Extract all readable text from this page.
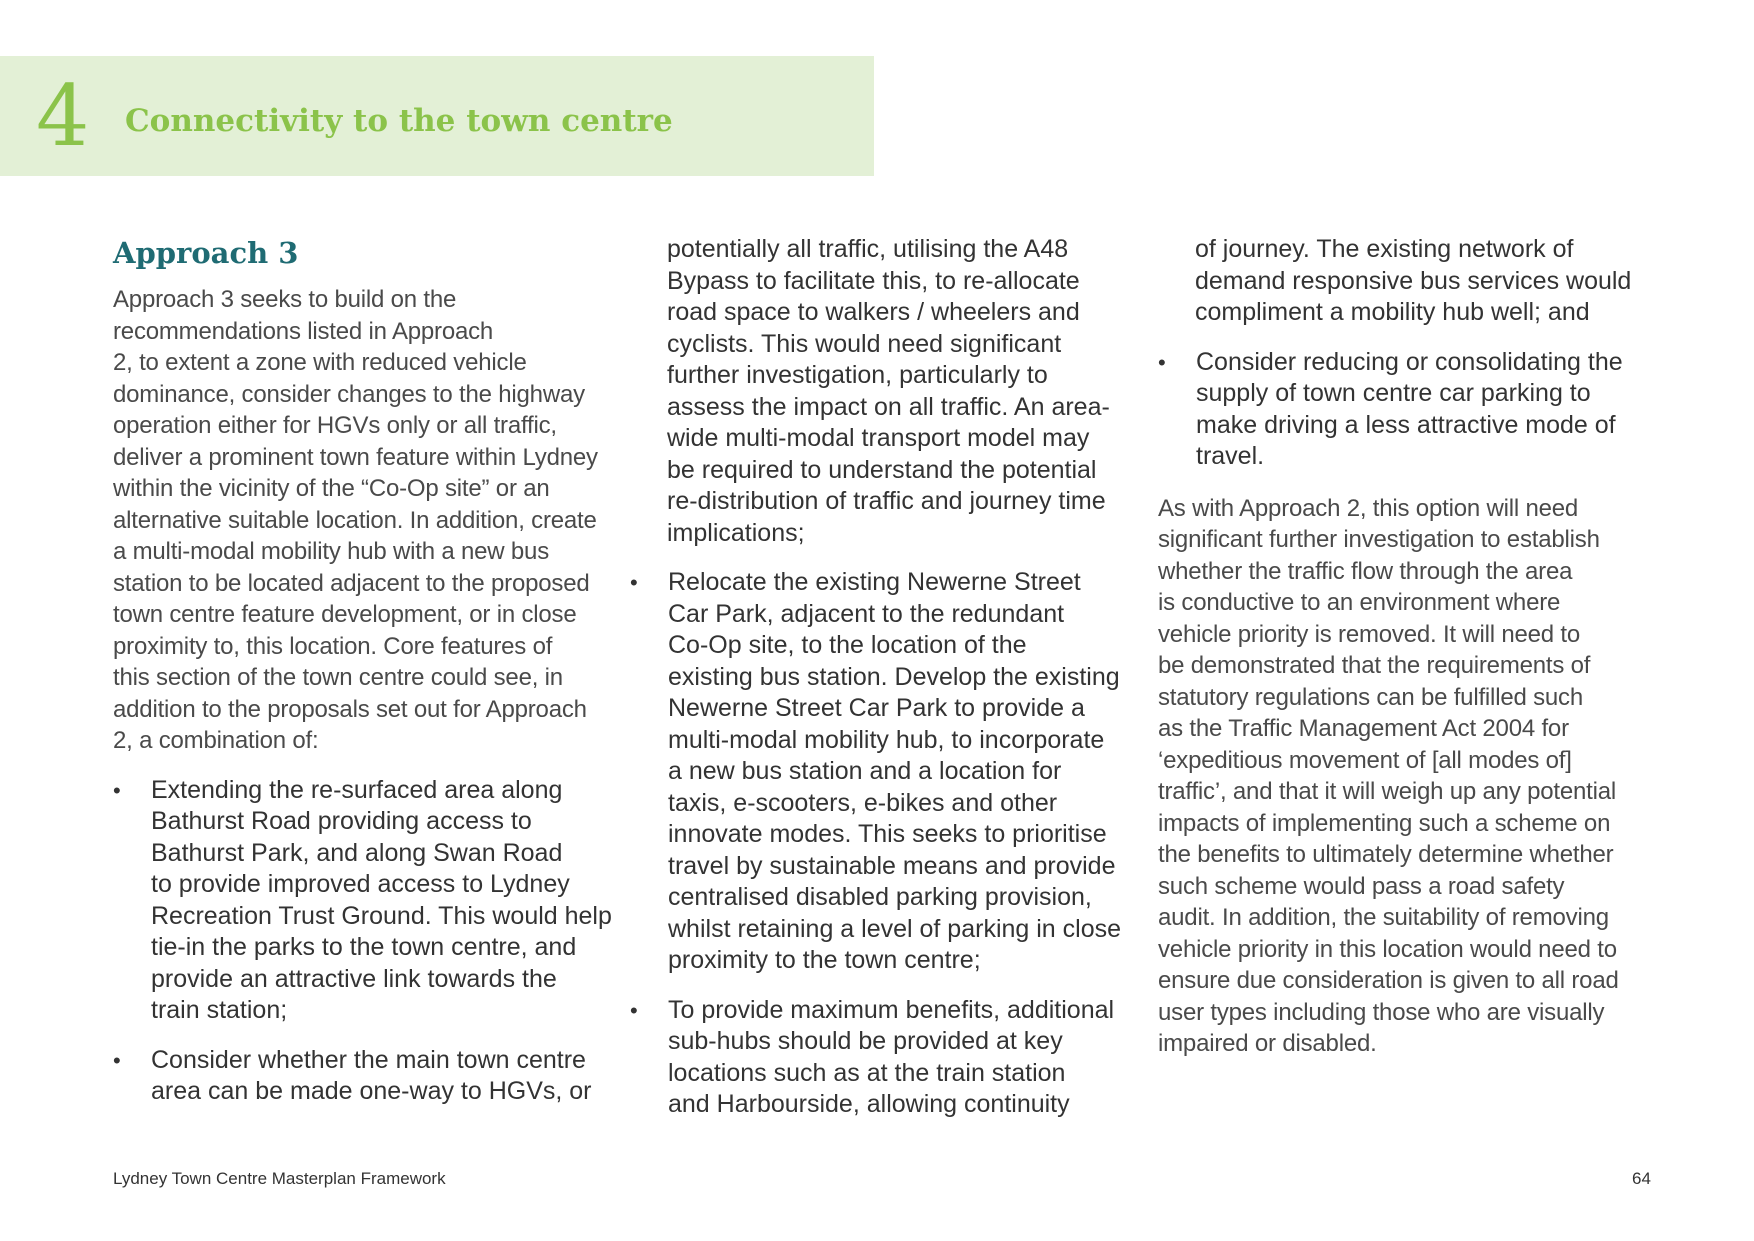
4 Connectivity to the town centre
Approach 3

Approach 3 seeks to build on the
recommendations listed in Approach
2, to extent a zone with reduced vehicle
dominance, consider changes to the highway
operation either for HGVs only or all traffic,
deliver a prominent town feature within Lydney
within the vicinity of the “Co-Op site” or an
alternative suitable location. In addition, create
a multi-modal mobility hub with a new bus
station to be located adjacent to the proposed
town centre feature development, or in close
proximity to, this location. Core features of
this section of the town centre could see, in
addition to the proposals set out for Approach
2, a combination of:

•	Extending the re-surfaced area along
Bathurst Road providing access to
Bathurst Park, and along Swan Road
to provide improved access to Lydney
Recreation Trust Ground. This would help
tie-in the parks to the town centre, and
provide an attractive link towards the
train station;
•	Consider whether the main town centre
area can be made one-way to HGVs, or
potentially all traffic, utilising the A48
Bypass to facilitate this, to re-allocate
road space to walkers / wheelers and
cyclists. This would need significant
further investigation, particularly to
assess the impact on all traffic. An area-
wide multi-modal transport model may
be required to understand the potential
re-distribution of traffic and journey time
implications;
•	Relocate the existing Newerne Street
Car Park, adjacent to the redundant
Co-Op site, to the location of the
existing bus station. Develop the existing
Newerne Street Car Park to provide a
multi-modal mobility hub, to incorporate
a new bus station and a location for
taxis, e-scooters, e-bikes and other
innovate modes. This seeks to prioritise
travel by sustainable means and provide
centralised disabled parking provision,
whilst retaining a level of parking in close
proximity to the town centre;
•	To provide maximum benefits, additional
sub-hubs should be provided at key
locations such as at the train station
and Harbourside, allowing continuity
of journey. The existing network of
demand responsive bus services would
compliment a mobility hub well; and
•	Consider reducing or consolidating the
supply of town centre car parking to
make driving a less attractive mode of
travel.

As with Approach 2, this option will need
significant further investigation to establish
whether the traffic flow through the area
is conductive to an environment where
vehicle priority is removed. It will need to
be demonstrated that the requirements of
statutory regulations can be fulfilled such
as the Traffic Management Act 2004 for
‘expeditious movement of [all modes of]
traffic’, and that it will weigh up any potential
impacts of implementing such a scheme on
the benefits to ultimately determine whether
such scheme would pass a road safety
audit. In addition, the suitability of removing
vehicle priority in this location would need to
ensure due consideration is given to all road
user types including those who are visually
impaired or disabled.

Lydney Town Centre Masterplan Framework	64
